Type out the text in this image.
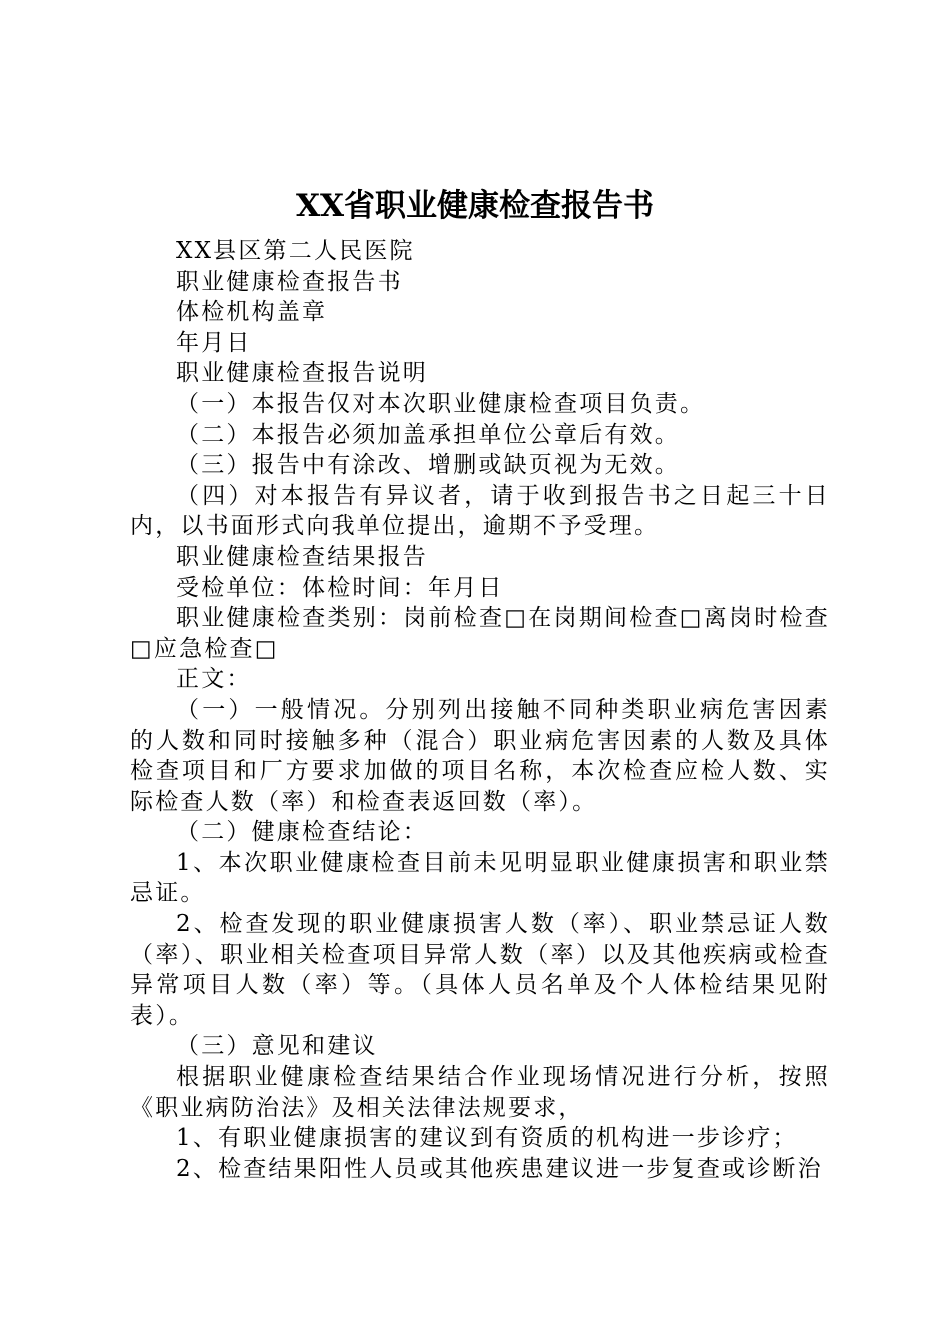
XX省职业健康检查报告书

XX县区第二人民医院

职业健康检查报告书

体检机构盖章

年月日

职业健康检查报告说明

（一）本报告仅对本次职业健康检查项目负责。

（二）本报告必须加盖承担单位公章后有效。

（三）报告中有涂改、增删或缺页视为无效。

（四）对本报告有异议者，请于收到报告书之日起三十日内，以书面形式向我单位提出，逾期不予受理。

职业健康检查结果报告

受检单位：体检时间：年月日

职业健康检查类别：岗前检查□在岗期间检查□离岗时检查□应急检查□

正文：

（一）一般情况。分别列出接触不同种类职业病危害因素的人数和同时接触多种（混合）职业病危害因素的人数及具体检查项目和厂方要求加做的项目名称，本次检查应检人数、实际检查人数（率）和检查表返回数（率）。

（二）健康检查结论：

1、本次职业健康检查目前未见明显职业健康损害和职业禁忌证。

2、检查发现的职业健康损害人数（率）、职业禁忌证人数（率）、职业相关检查项目异常人数（率）以及其他疾病或检查异常项目人数（率）等。（具体人员名单及个人体检结果见附表）。

（三）意见和建议

根据职业健康检查结果结合作业现场情况进行分析，按照《职业病防治法》及相关法律法规要求，

1、有职业健康损害的建议到有资质的机构进一步诊疗；

2、检查结果阳性人员或其他疾患建议进一步复查或诊断治
